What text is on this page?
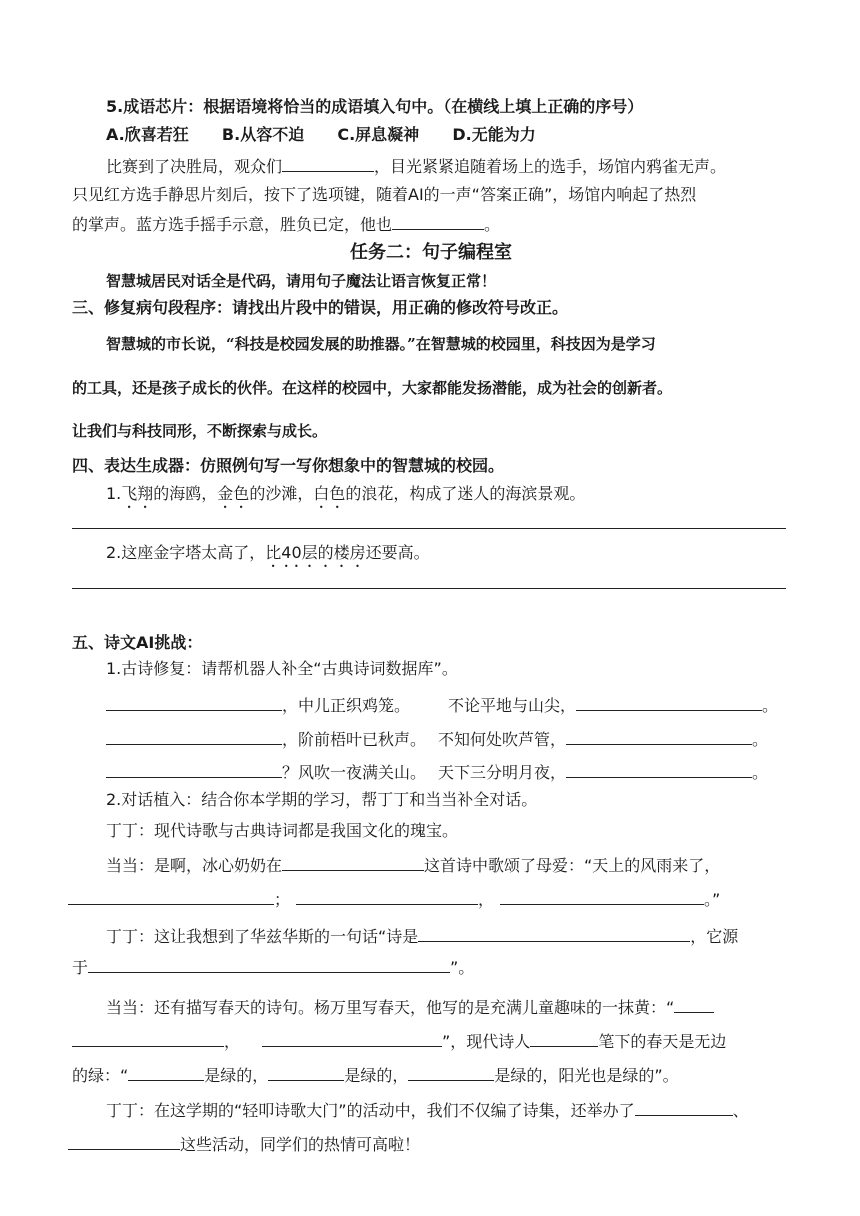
5.成语芯片：根据语境将恰当的成语填入句中。（在横线上填上正确的序号）
A.欣喜若狂 B.从容不迫 C.屏息凝神 D.无能为力
比赛到了决胜局，观众们	，目光紧紧追随着场上的选手，场馆内鸦雀无声。
只见红方选手静思片刻后，按下了选项键，随着AI的一声“答案正确”，场馆内响起了热烈
的掌声。蓝方选手摇手示意，胜负已定，他也	。
任务二：句子编程室
智慧城居民对话全是代码，请用句子魔法让语言恢复正常！
三、修复病句段程序：请找出片段中的错误，用正确的修改符号改正。
智慧城的市长说，“科技是校园发展的助推器。”在智慧城的校园里，科技因为是学习
的工具，还是孩子成长的伙伴。在这样的校园中，大家都能发扬潜能，成为社会的创新者。
让我们与科技同形，不断探索与成长。
四、表达生成器：仿照例句写一写你想象中的智慧城的校园。
1.飞翔的海鸥，金色的沙滩，白色的浪花，构成了迷人的海滨景观。
2.这座金字塔太高了，比40层的楼房还要高。
五、诗文AI挑战：
1.古诗修复：请帮机器人补全“古典诗词数据库”。
，中儿正织鸡笼。 不论平地与山尖，	。
，阶前梧叶已秋声。 不知何处吹芦管，	。
？风吹一夜满关山。 天下三分明月夜，	。
2.对话植入：结合你本学期的学习，帮丁丁和当当补全对话。
丁丁：现代诗歌与古典诗词都是我国文化的瑰宝。
当当：是啊，冰心奶奶在	这首诗中歌颂了母爱：“天上的风雨来了，
；	，	。”
丁丁：这让我想到了华兹华斯的一句话“诗是	，它源
于	”。
当当：还有描写春天的诗句。杨万里写春天，他写的是充满儿童趣味的一抹黄：“
，	”，现代诗人	笔下的春天是无边
的绿：“	是绿的，	是绿的，	是绿的，阳光也是绿的”。
丁丁：在这学期的“轻叩诗歌大门”的活动中，我们不仅编了诗集，还举办了	、
这些活动，同学们的热情可高啦！
